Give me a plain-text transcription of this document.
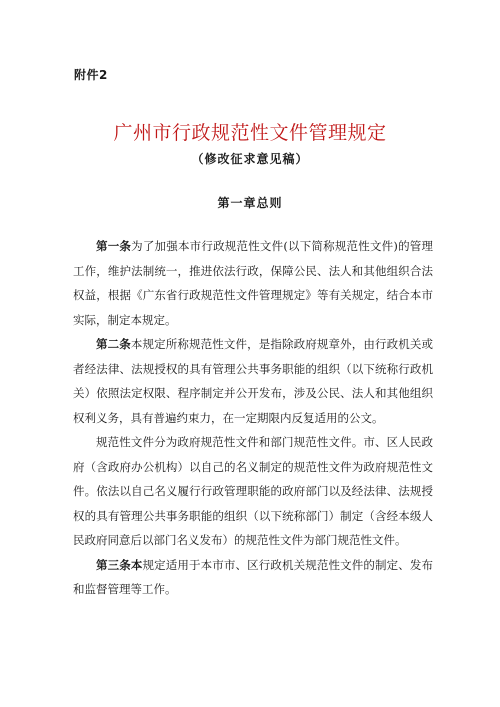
附件2
广州市行政规范性文件管理规定
（修改征求意见稿）
第一章总则

第一条为了加强本市行政规范性文件(以下简称规范性文件)的管理工作，维护法制统一，推进依法行政，保障公民、法人和其他组织合法权益，根据《广东省行政规范性文件管理规定》等有关规定，结合本市实际，制定本规定。

第二条本规定所称规范性文件，是指除政府规章外，由行政机关或者经法律、法规授权的具有管理公共事务职能的组织（以下统称行政机关）依照法定权限、程序制定并公开发布，涉及公民、法人和其他组织权利义务，具有普遍约束力，在一定期限内反复适用的公文。

规范性文件分为政府规范性文件和部门规范性文件。市、区人民政府（含政府办公机构）以自己的名义制定的规范性文件为政府规范性文件。依法以自己名义履行行政管理职能的政府部门以及经法律、法规授权的具有管理公共事务职能的组织（以下统称部门）制定（含经本级人民政府同意后以部门名义发布）的规范性文件为部门规范性文件。

第三条本规定适用于本市市、区行政机关规范性文件的制定、发布和监督管理等工作。
